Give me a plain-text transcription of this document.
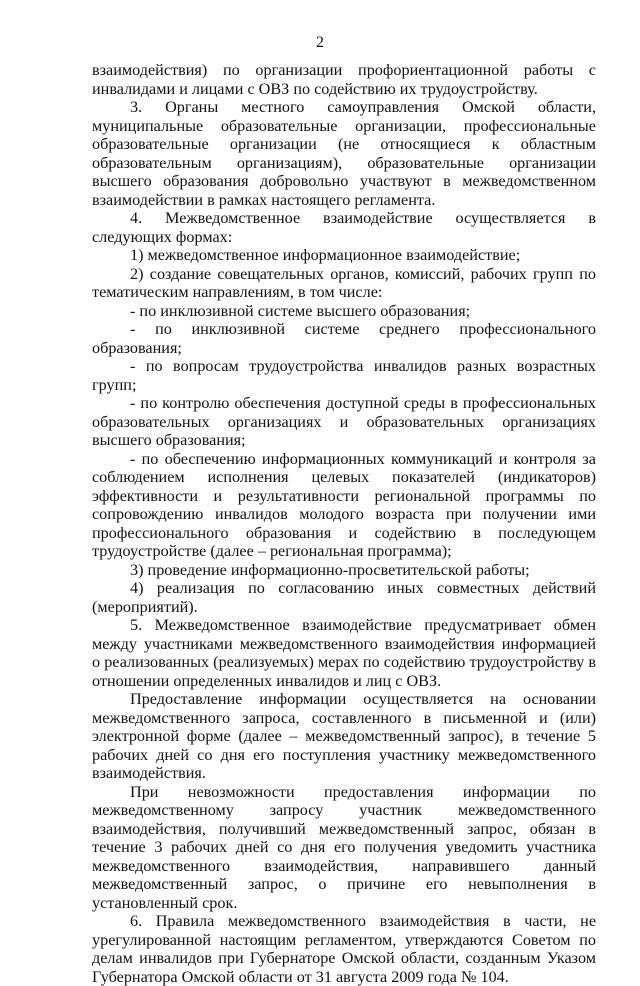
2

взаимодействия) по организации профориентационной работы с инвалидами и лицами с ОВЗ по содействию их трудоустройству.

3. Органы местного самоуправления Омской области, муниципальные образовательные организации, профессиональные образовательные организации (не относящиеся к областным образовательным организациям), образовательные организации высшего образования добровольно участвуют в межведомственном взаимодействии в рамках настоящего регламента.

4. Межведомственное взаимодействие осуществляется в следующих формах:

1) межведомственное информационное взаимодействие;

2) создание совещательных органов, комиссий, рабочих групп по тематическим направлениям, в том числе:

- по инклюзивной системе высшего образования;

- по инклюзивной системе среднего профессионального образования;

- по вопросам трудоустройства инвалидов разных возрастных групп;

- по контролю обеспечения доступной среды в профессиональных образовательных организациях и образовательных организациях высшего образования;

- по обеспечению информационных коммуникаций и контроля за соблюдением исполнения целевых показателей (индикаторов) эффективности и результативности региональной программы по сопровождению инвалидов молодого возраста при получении ими профессионального образования и содействию в последующем трудоустройстве (далее – региональная программа);

3) проведение информационно-просветительской работы;

4) реализация по согласованию иных совместных действий (мероприятий).

5. Межведомственное взаимодействие предусматривает обмен между участниками межведомственного взаимодействия информацией о реализованных (реализуемых) мерах по содействию трудоустройству в отношении определенных инвалидов и лиц с ОВЗ.

Предоставление информации осуществляется на основании межведомственного запроса, составленного в письменной и (или) электронной форме (далее – межведомственный запрос), в течение 5 рабочих дней со дня его поступления участнику межведомственного взаимодействия.

При невозможности предоставления информации по межведомственному запросу участник межведомственного взаимодействия, получивший межведомственный запрос, обязан в течение 3 рабочих дней со дня его получения уведомить участника межведомственного взаимодействия, направившего данный межведомственный запрос, о причине его невыполнения в установленный срок.

6. Правила межведомственного взаимодействия в части, не урегулированной настоящим регламентом, утверждаются Советом по делам инвалидов при Губернаторе Омской области, созданным Указом Губернатора Омской области от 31 августа 2009 года № 104.
